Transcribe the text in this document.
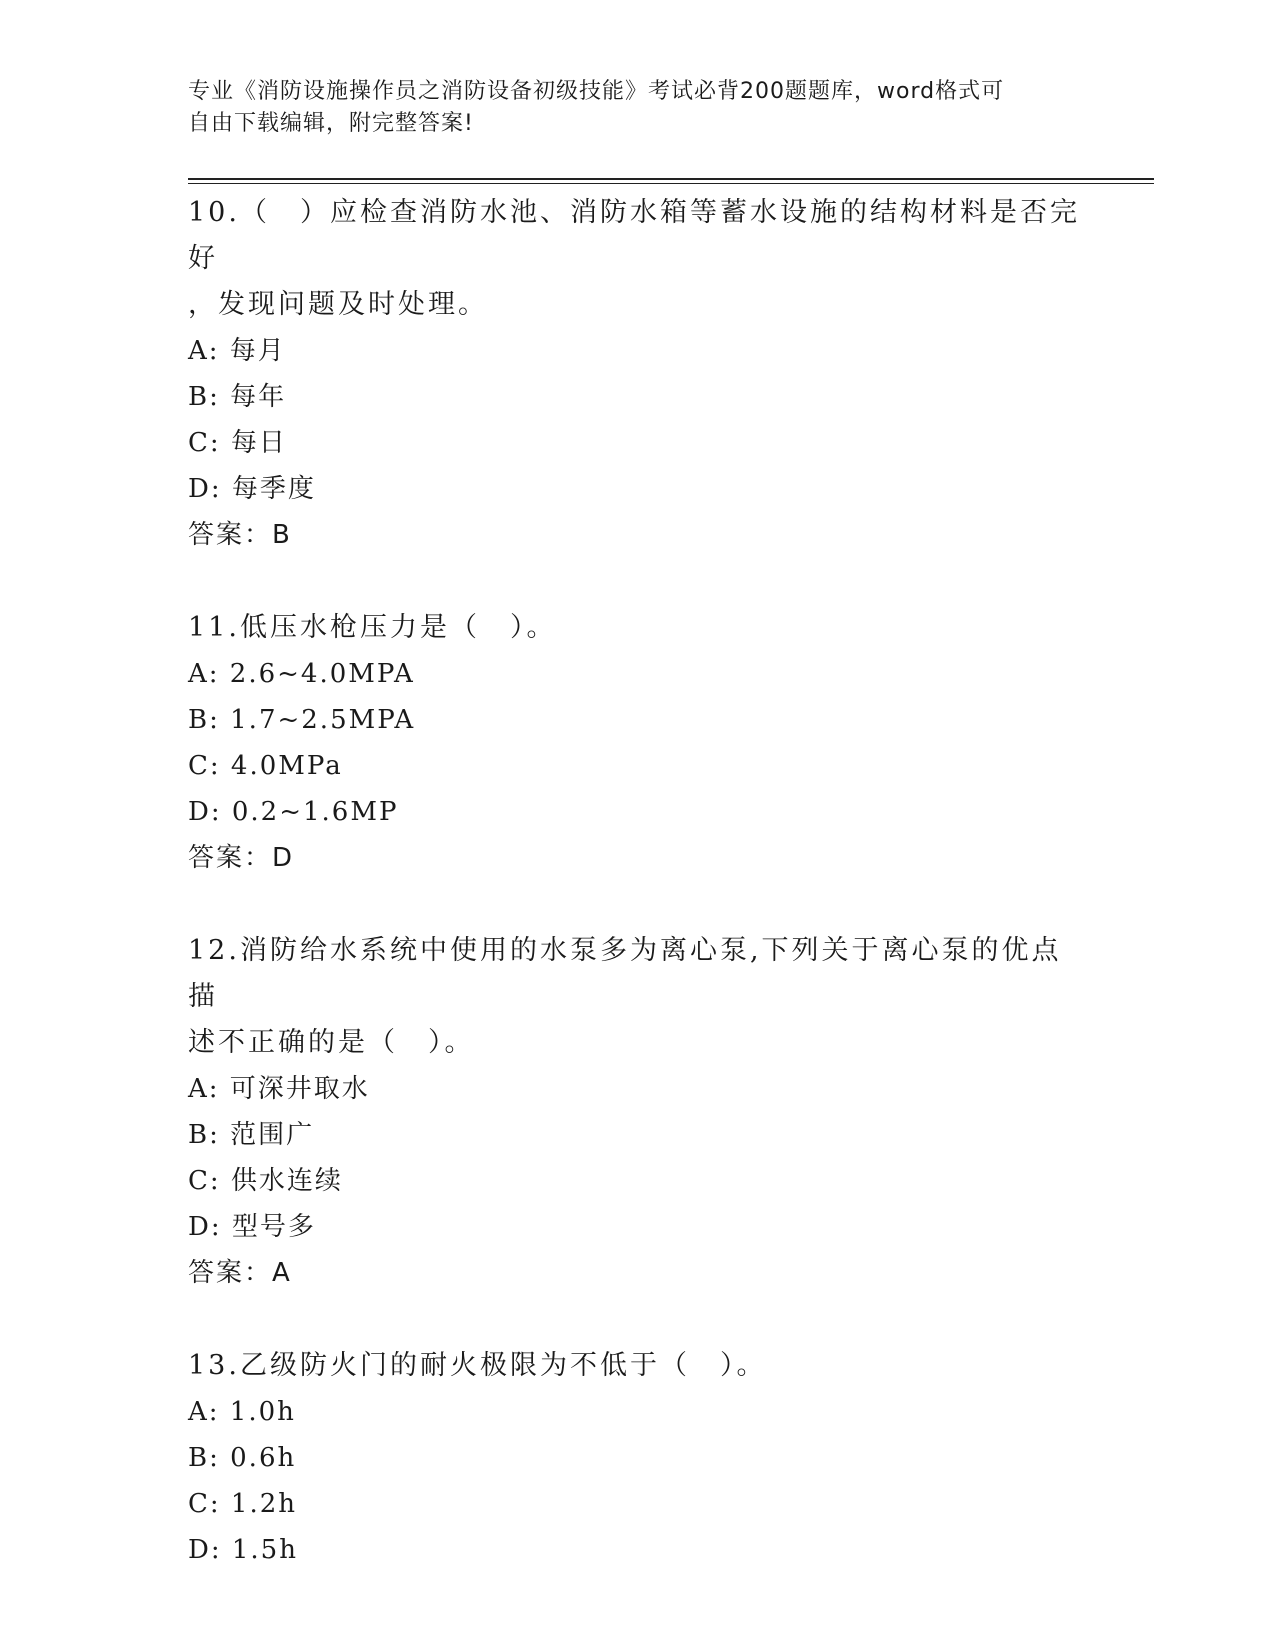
专业《消防设施操作员之消防设备初级技能》考试必背200题题库，word格式可
自由下载编辑，附完整答案!
10.（　）应检查消防水池、消防水箱等蓄水设施的结构材料是否完好
，发现问题及时处理。
A: 每月
B: 每年
C: 每日
D: 每季度
答案：B
11.低压水枪压力是（　）。
A: 2.6~4.0MPA
B: 1.7~2.5MPA
C: 4.0MPa
D: 0.2~1.6MP
答案：D
12.消防给水系统中使用的水泵多为离心泵,下列关于离心泵的优点描
述不正确的是（　）。
A: 可深井取水
B: 范围广
C: 供水连续
D: 型号多
答案：A
13.乙级防火门的耐火极限为不低于（　）。
A: 1.0h
B: 0.6h
C: 1.2h
D: 1.5h
